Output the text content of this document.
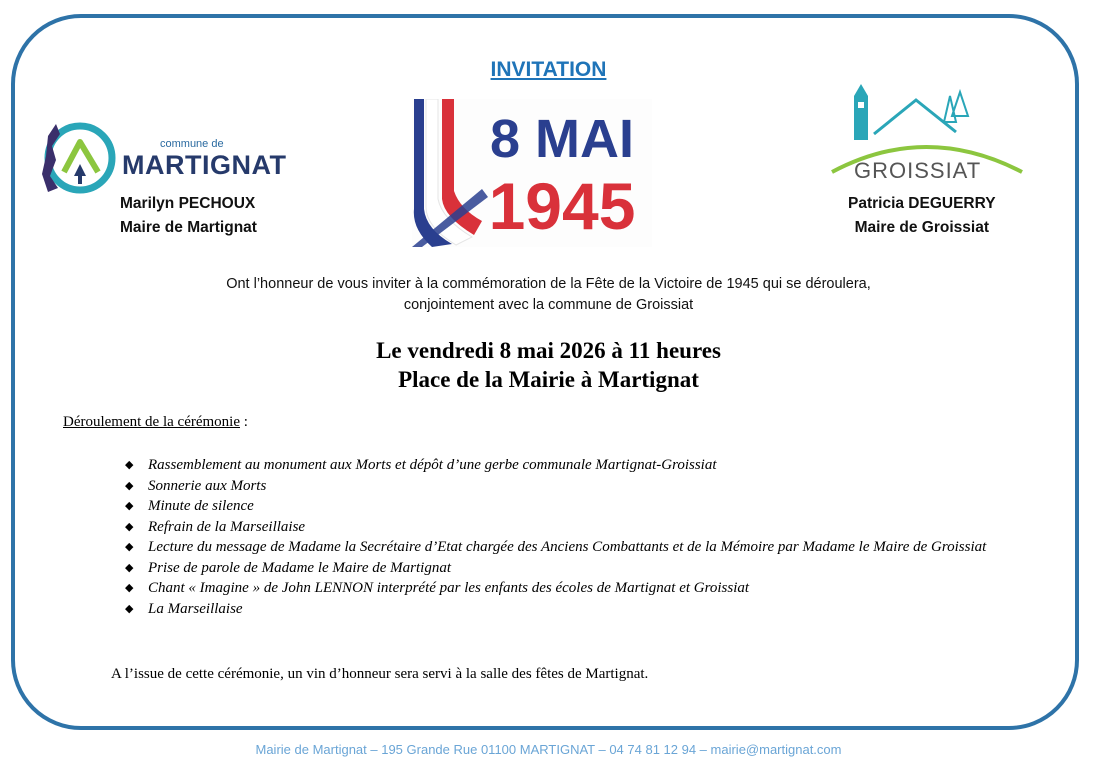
INVITATION
commune de
MARTIGNAT
Marilyn PECHOUX
Maire de Martignat
8 MAI
1945	GROISSIAT
Patricia DEGUERRY
Maire de Groissiat
Ont l’honneur de vous inviter à la commémoration de la Fête de la Victoire de 1945 qui se déroulera,
conjointement avec la commune de Groissiat
Le vendredi 8 mai 2026 à 11 heures
Place de la Mairie à Martignat
Déroulement de la cérémonie :
◆ Rassemblement au monument aux Morts et dépôt d’une gerbe communale Martignat-Groissiat
◆ Sonnerie aux Morts
◆ Minute de silence
◆ Refrain de la Marseillaise
◆ Lecture du message de Madame la Secrétaire d’Etat chargée des Anciens Combattants et de la Mémoire par Madame le Maire de Groissiat
◆ Prise de parole de Madame le Maire de Martignat
◆ Chant « Imagine » de John LENNON interprété par les enfants des écoles de Martignat et Groissiat
◆ La Marseillaise
A l’issue de cette cérémonie, un vin d’honneur sera servi à la salle des fêtes de Martignat.
Mairie de Martignat – 195 Grande Rue 01100 MARTIGNAT – 04 74 81 12 94 – mairie@martignat.com
